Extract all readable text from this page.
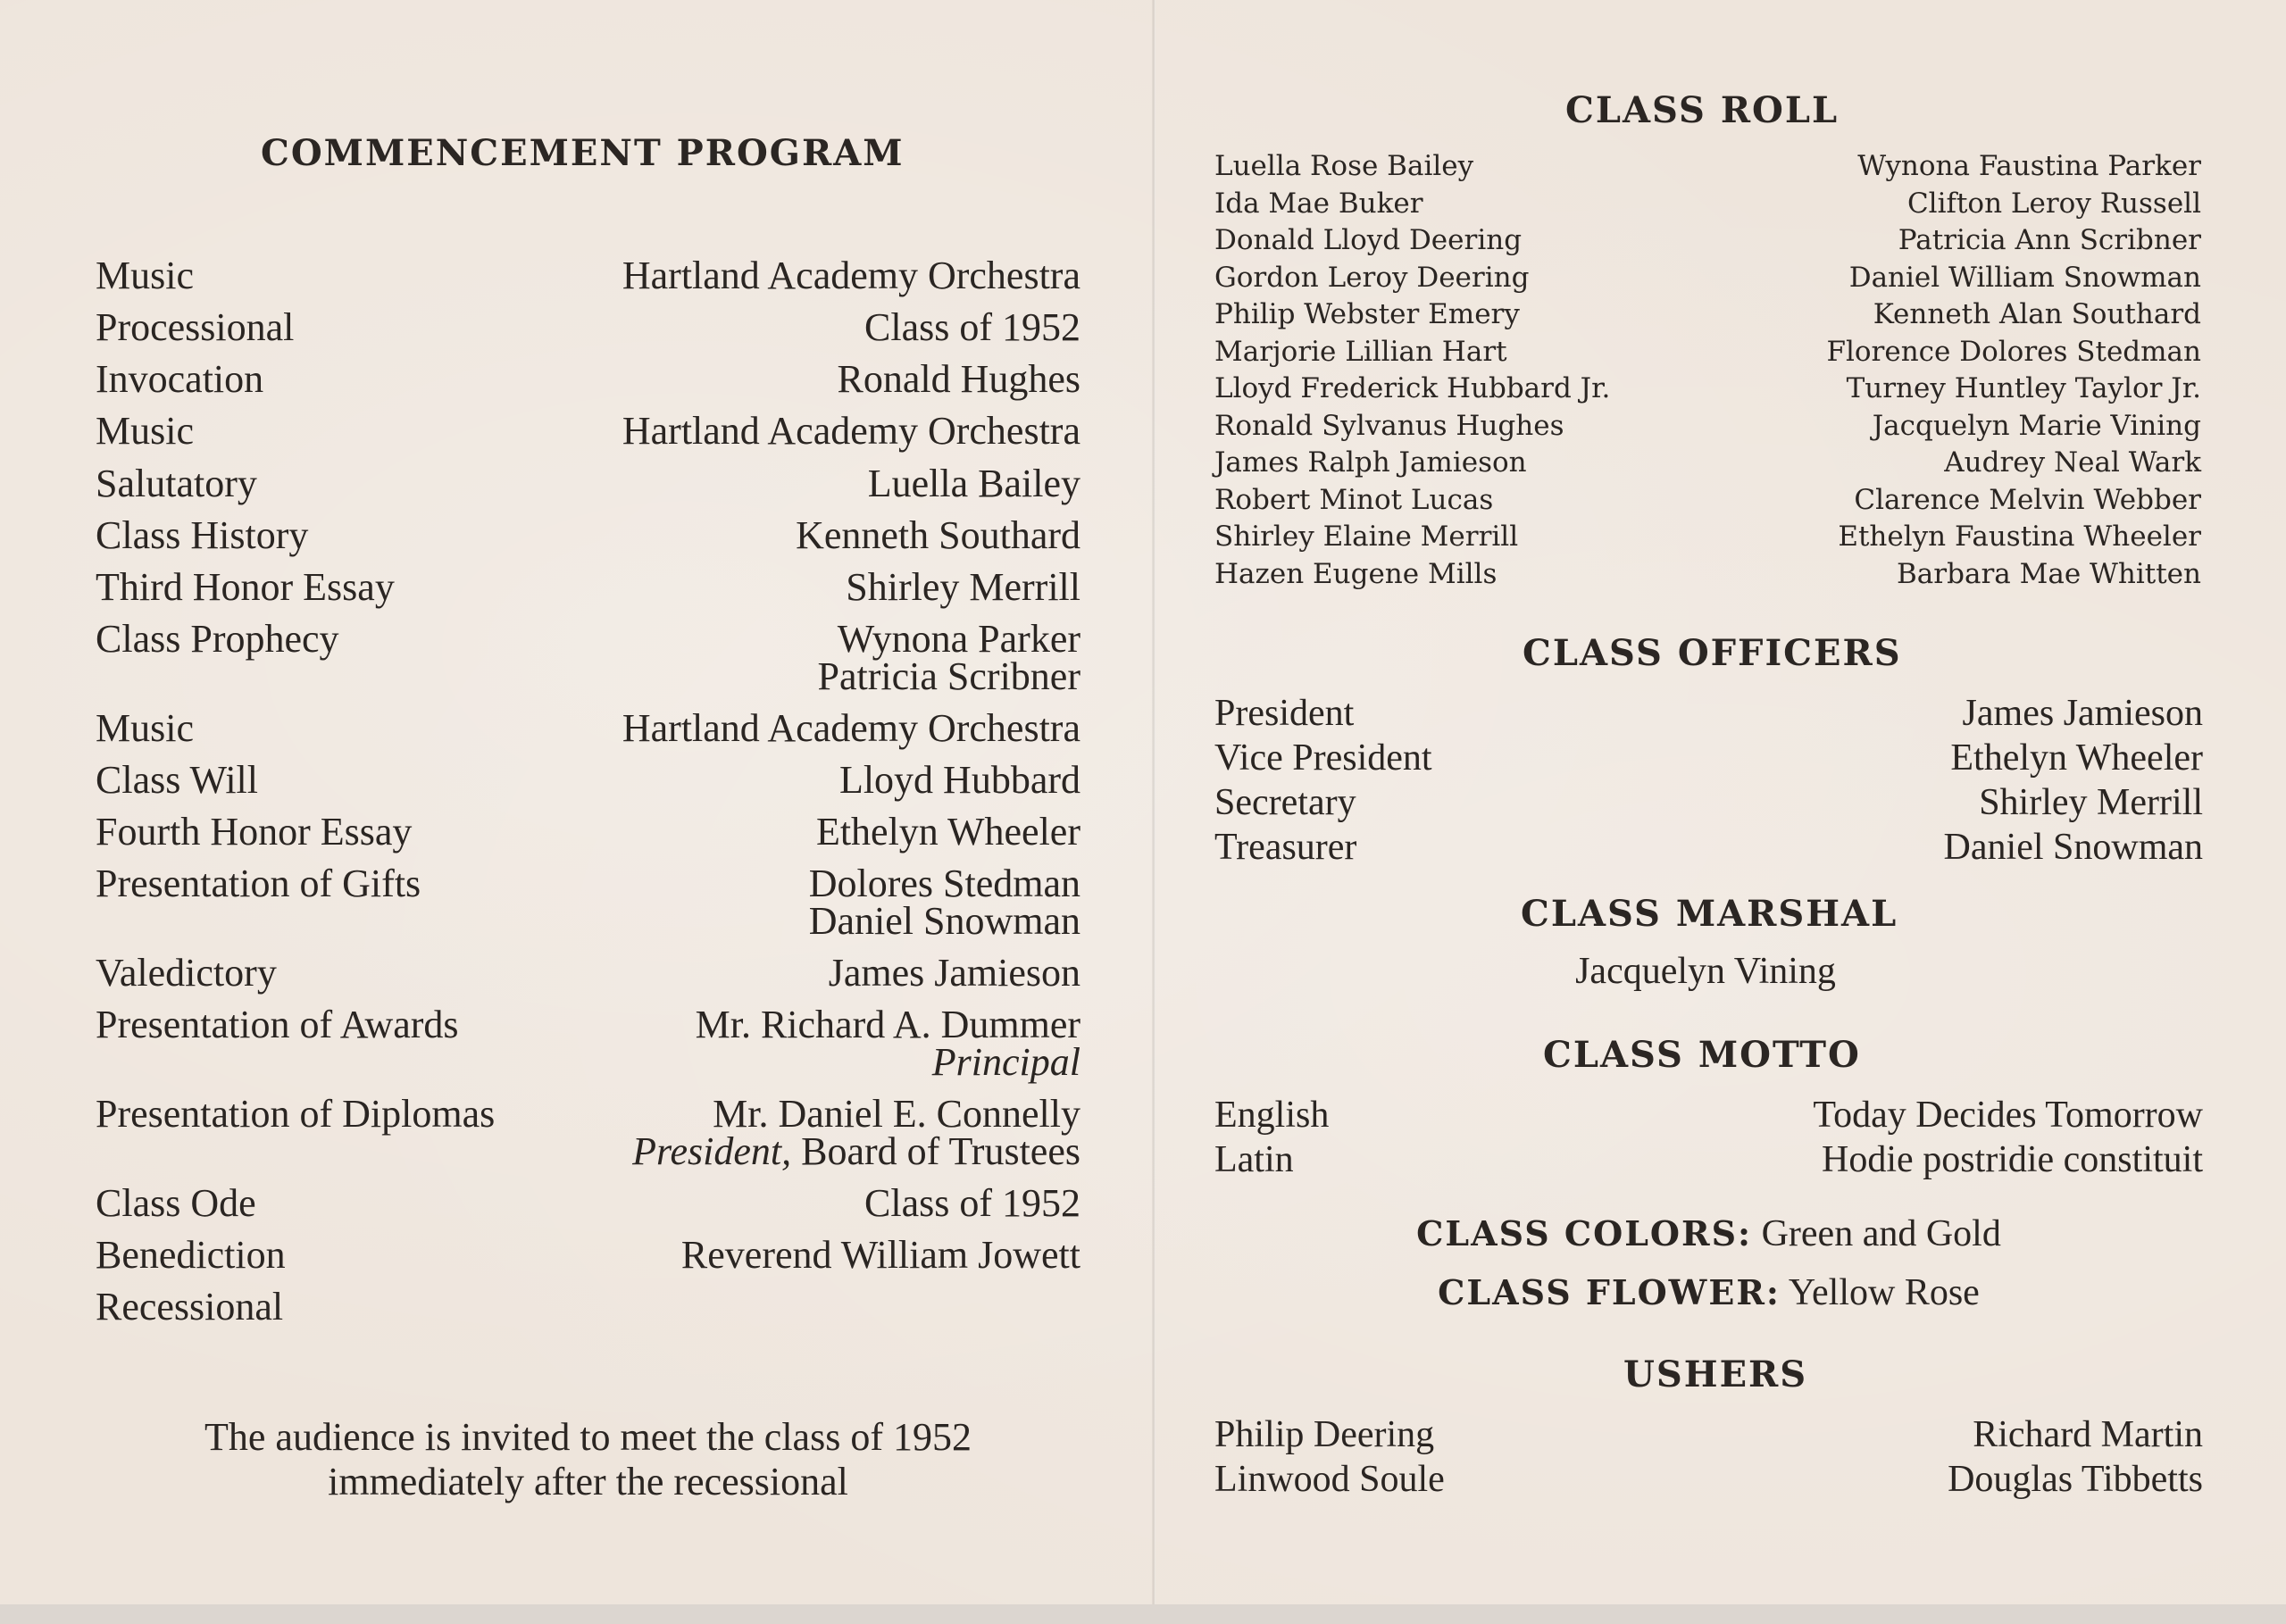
COMMENCEMENT PROGRAM
Music	Hartland Academy Orchestra
Processional	Class of 1952
Invocation	Ronald Hughes
Music	Hartland Academy Orchestra
Salutatory	Luella Bailey
Class History	Kenneth Southard
Third Honor Essay	Shirley Merrill
Class Prophecy	Wynona Parker
Patricia Scribner
Music	Hartland Academy Orchestra
Class Will	Lloyd Hubbard
Fourth Honor Essay	Ethelyn Wheeler
Presentation of Gifts	Dolores Stedman
Daniel Snowman
Valedictory	James Jamieson
Presentation of Awards	Mr. Richard A. Dummer
Principal
Presentation of Diplomas	Mr. Daniel E. Connelly
President, Board of Trustees
Class Ode	Class of 1952
Benediction	Reverend William Jowett
Recessional
The audience is invited to meet the class of 1952
immediately after the recessional
CLASS ROLL
Luella Rose Bailey	Wynona Faustina Parker
Ida Mae Buker	Clifton Leroy Russell
Donald Lloyd Deering	Patricia Ann Scribner
Gordon Leroy Deering	Daniel William Snowman
Philip Webster Emery	Kenneth Alan Southard
Marjorie Lillian Hart	Florence Dolores Stedman
Lloyd Frederick Hubbard Jr.	Turney Huntley Taylor Jr.
Ronald Sylvanus Hughes	Jacquelyn Marie Vining
James Ralph Jamieson	Audrey Neal Wark
Robert Minot Lucas	Clarence Melvin Webber
Shirley Elaine Merrill	Ethelyn Faustina Wheeler
Hazen Eugene Mills	Barbara Mae Whitten
CLASS OFFICERS
President	James Jamieson
Vice President	Ethelyn Wheeler
Secretary	Shirley Merrill
Treasurer	Daniel Snowman
CLASS MARSHAL
Jacquelyn Vining
CLASS MOTTO
English	Today Decides Tomorrow
Latin	Hodie postridie constituit
CLASS COLORS: Green and Gold
CLASS FLOWER: Yellow Rose
USHERS
Philip Deering	Richard Martin
Linwood Soule	Douglas Tibbetts
